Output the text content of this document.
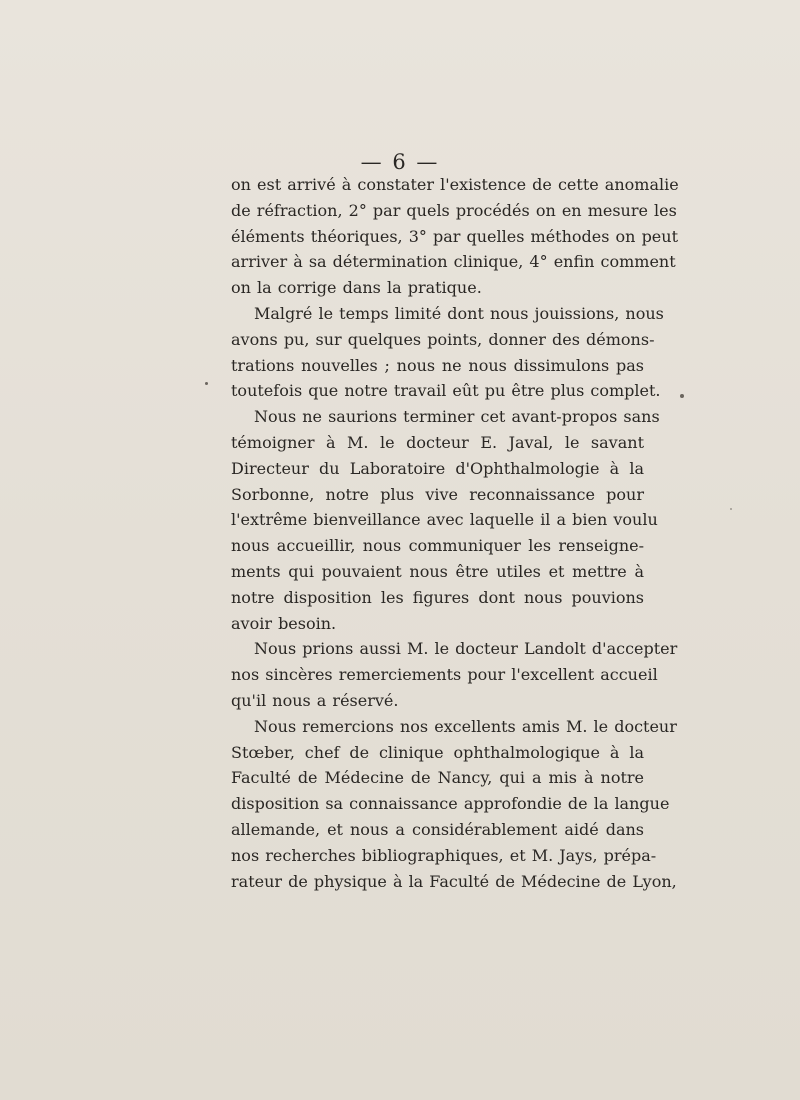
— 6 —
on est arrivé à constater l'existence de cette anomalie
de réfraction, 2° par quels procédés on en mesure les
éléments théoriques, 3° par quelles méthodes on peut
arriver à sa détermination clinique, 4° enfin comment
on la corrige dans la pratique.
Malgré le temps limité dont nous jouissions, nous
avons pu, sur quelques points, donner des démons-
trations nouvelles ; nous ne nous dissimulons pas
toutefois que notre travail eût pu être plus complet.
Nous ne saurions terminer cet avant-propos sans
témoigner à M. le docteur E. Javal, le savant
Directeur du Laboratoire d'Ophthalmologie à la
Sorbonne, notre plus vive reconnaissance pour
l'extrême bienveillance avec laquelle il a bien voulu
nous accueillir, nous communiquer les renseigne-
ments qui pouvaient nous être utiles et mettre à
notre disposition les figures dont nous pouvions
avoir besoin.
Nous prions aussi M. le docteur Landolt d'accepter
nos sincères remerciements pour l'excellent accueil
qu'il nous a réservé.
Nous remercions nos excellents amis M. le docteur
Stœber, chef de clinique ophthalmologique à la
Faculté de Médecine de Nancy, qui a mis à notre
disposition sa connaissance approfondie de la langue
allemande, et nous a considérablement aidé dans
nos recherches bibliographiques, et M. Jays, prépa-
rateur de physique à la Faculté de Médecine de Lyon,
